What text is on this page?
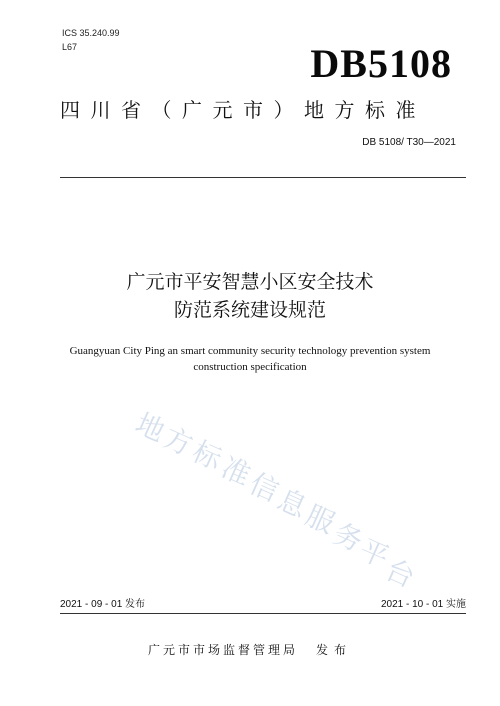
ICS 35.240.99
L67	DB5108
四川省（广元市）地方标准
DB 5108/ T30—2021
广元市平安智慧小区安全技术
防范系统建设规范
Guangyuan City Ping an smart community security technology prevention system
construction specification
地
方
标
准
信
息
服
务
平
台
2021 - 09 - 01 发布	2021 - 10 - 01 实施
广元市市场监督管理局 发布
